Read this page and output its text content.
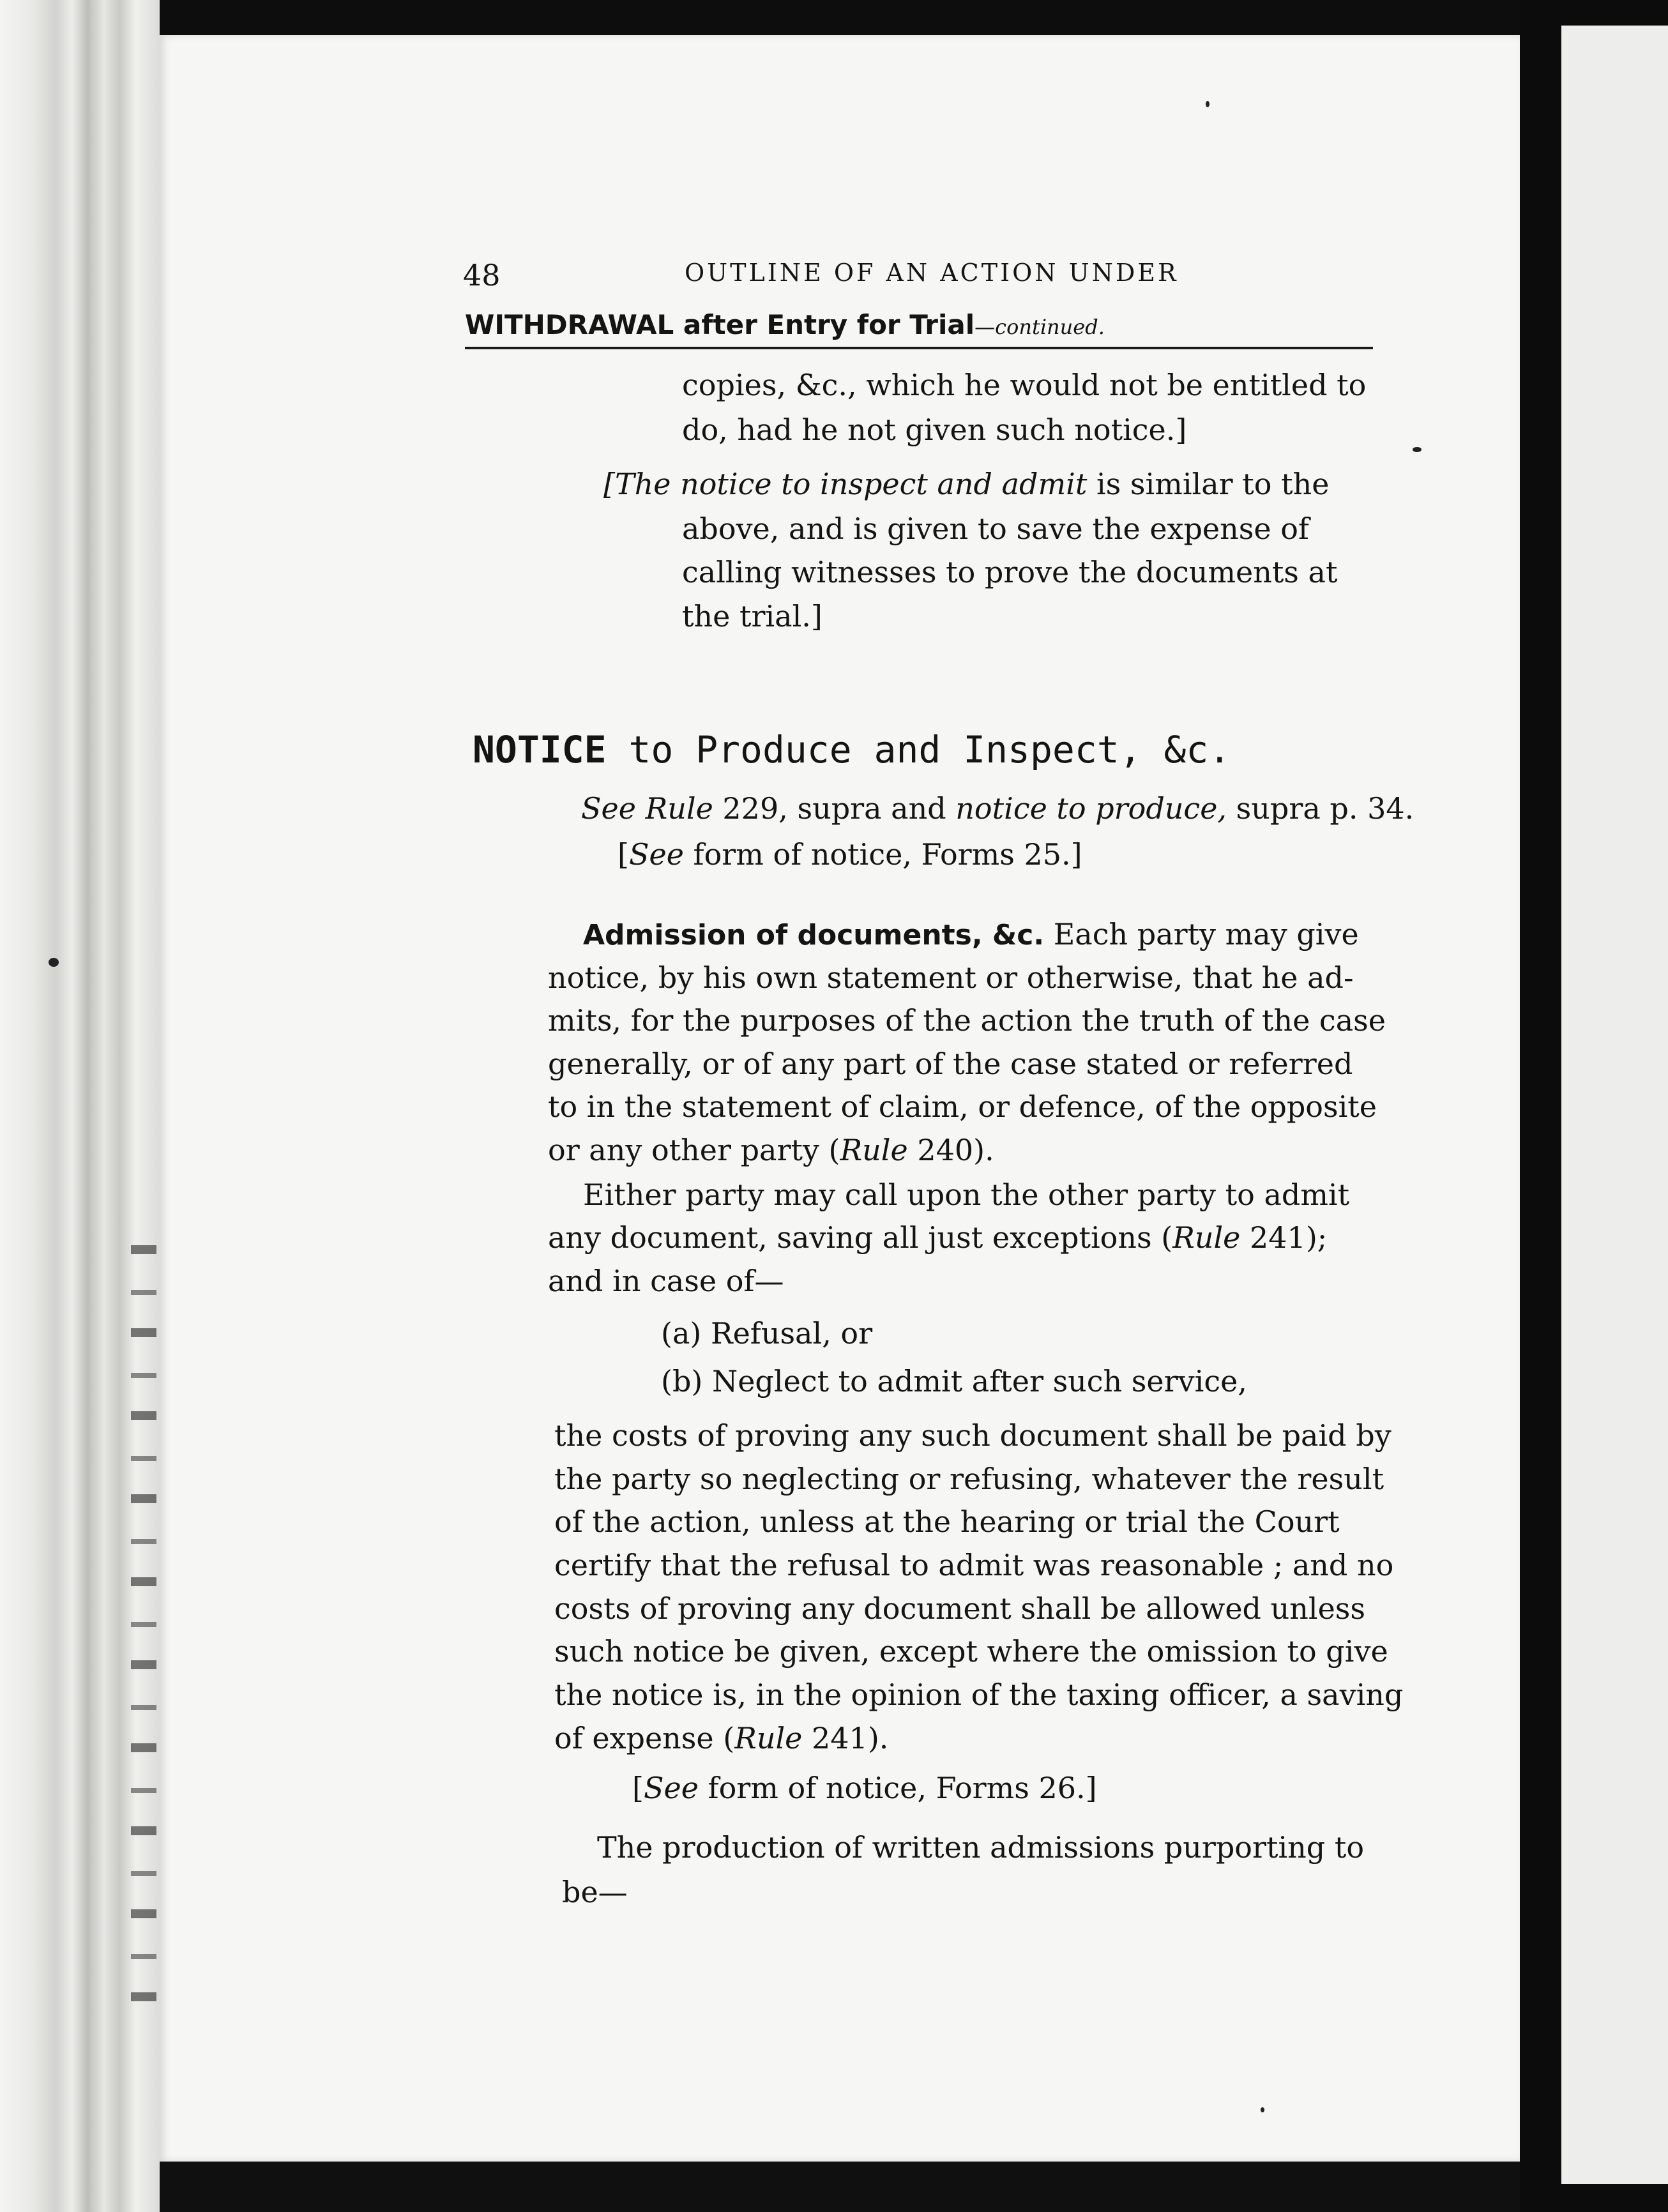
48	OUTLINE OF AN ACTION UNDER
WITHDRAWAL after Entry for Trial—continued.
copies, &c., which he would not be entitled to
do, had he not given such notice.]
[The notice to inspect and admit is similar to the
above, and is given to save the expense of
calling witnesses to prove the documents at
the trial.]
NOTICE to Produce and Inspect, &c.
See Rule 229, supra and notice to produce, supra p. 34.
[See form of notice, Forms 25.]
Admission of documents, &c. Each party may give
notice, by his own statement or otherwise, that he ad-
mits, for the purposes of the action the truth of the case
generally, or of any part of the case stated or referred
to in the statement of claim, or defence, of the opposite
or any other party (Rule 240).
Either party may call upon the other party to admit
any document, saving all just exceptions (Rule 241);
and in case of—
(a) Refusal, or
(b) Neglect to admit after such service,
the costs of proving any such document shall be paid by
the party so neglecting or refusing, whatever the result
of the action, unless at the hearing or trial the Court
certify that the refusal to admit was reasonable ; and no
costs of proving any document shall be allowed unless
such notice be given, except where the omission to give
the notice is, in the opinion of the taxing officer, a saving
of expense (Rule 241).
[See form of notice, Forms 26.]
The production of written admissions purporting to
be—
